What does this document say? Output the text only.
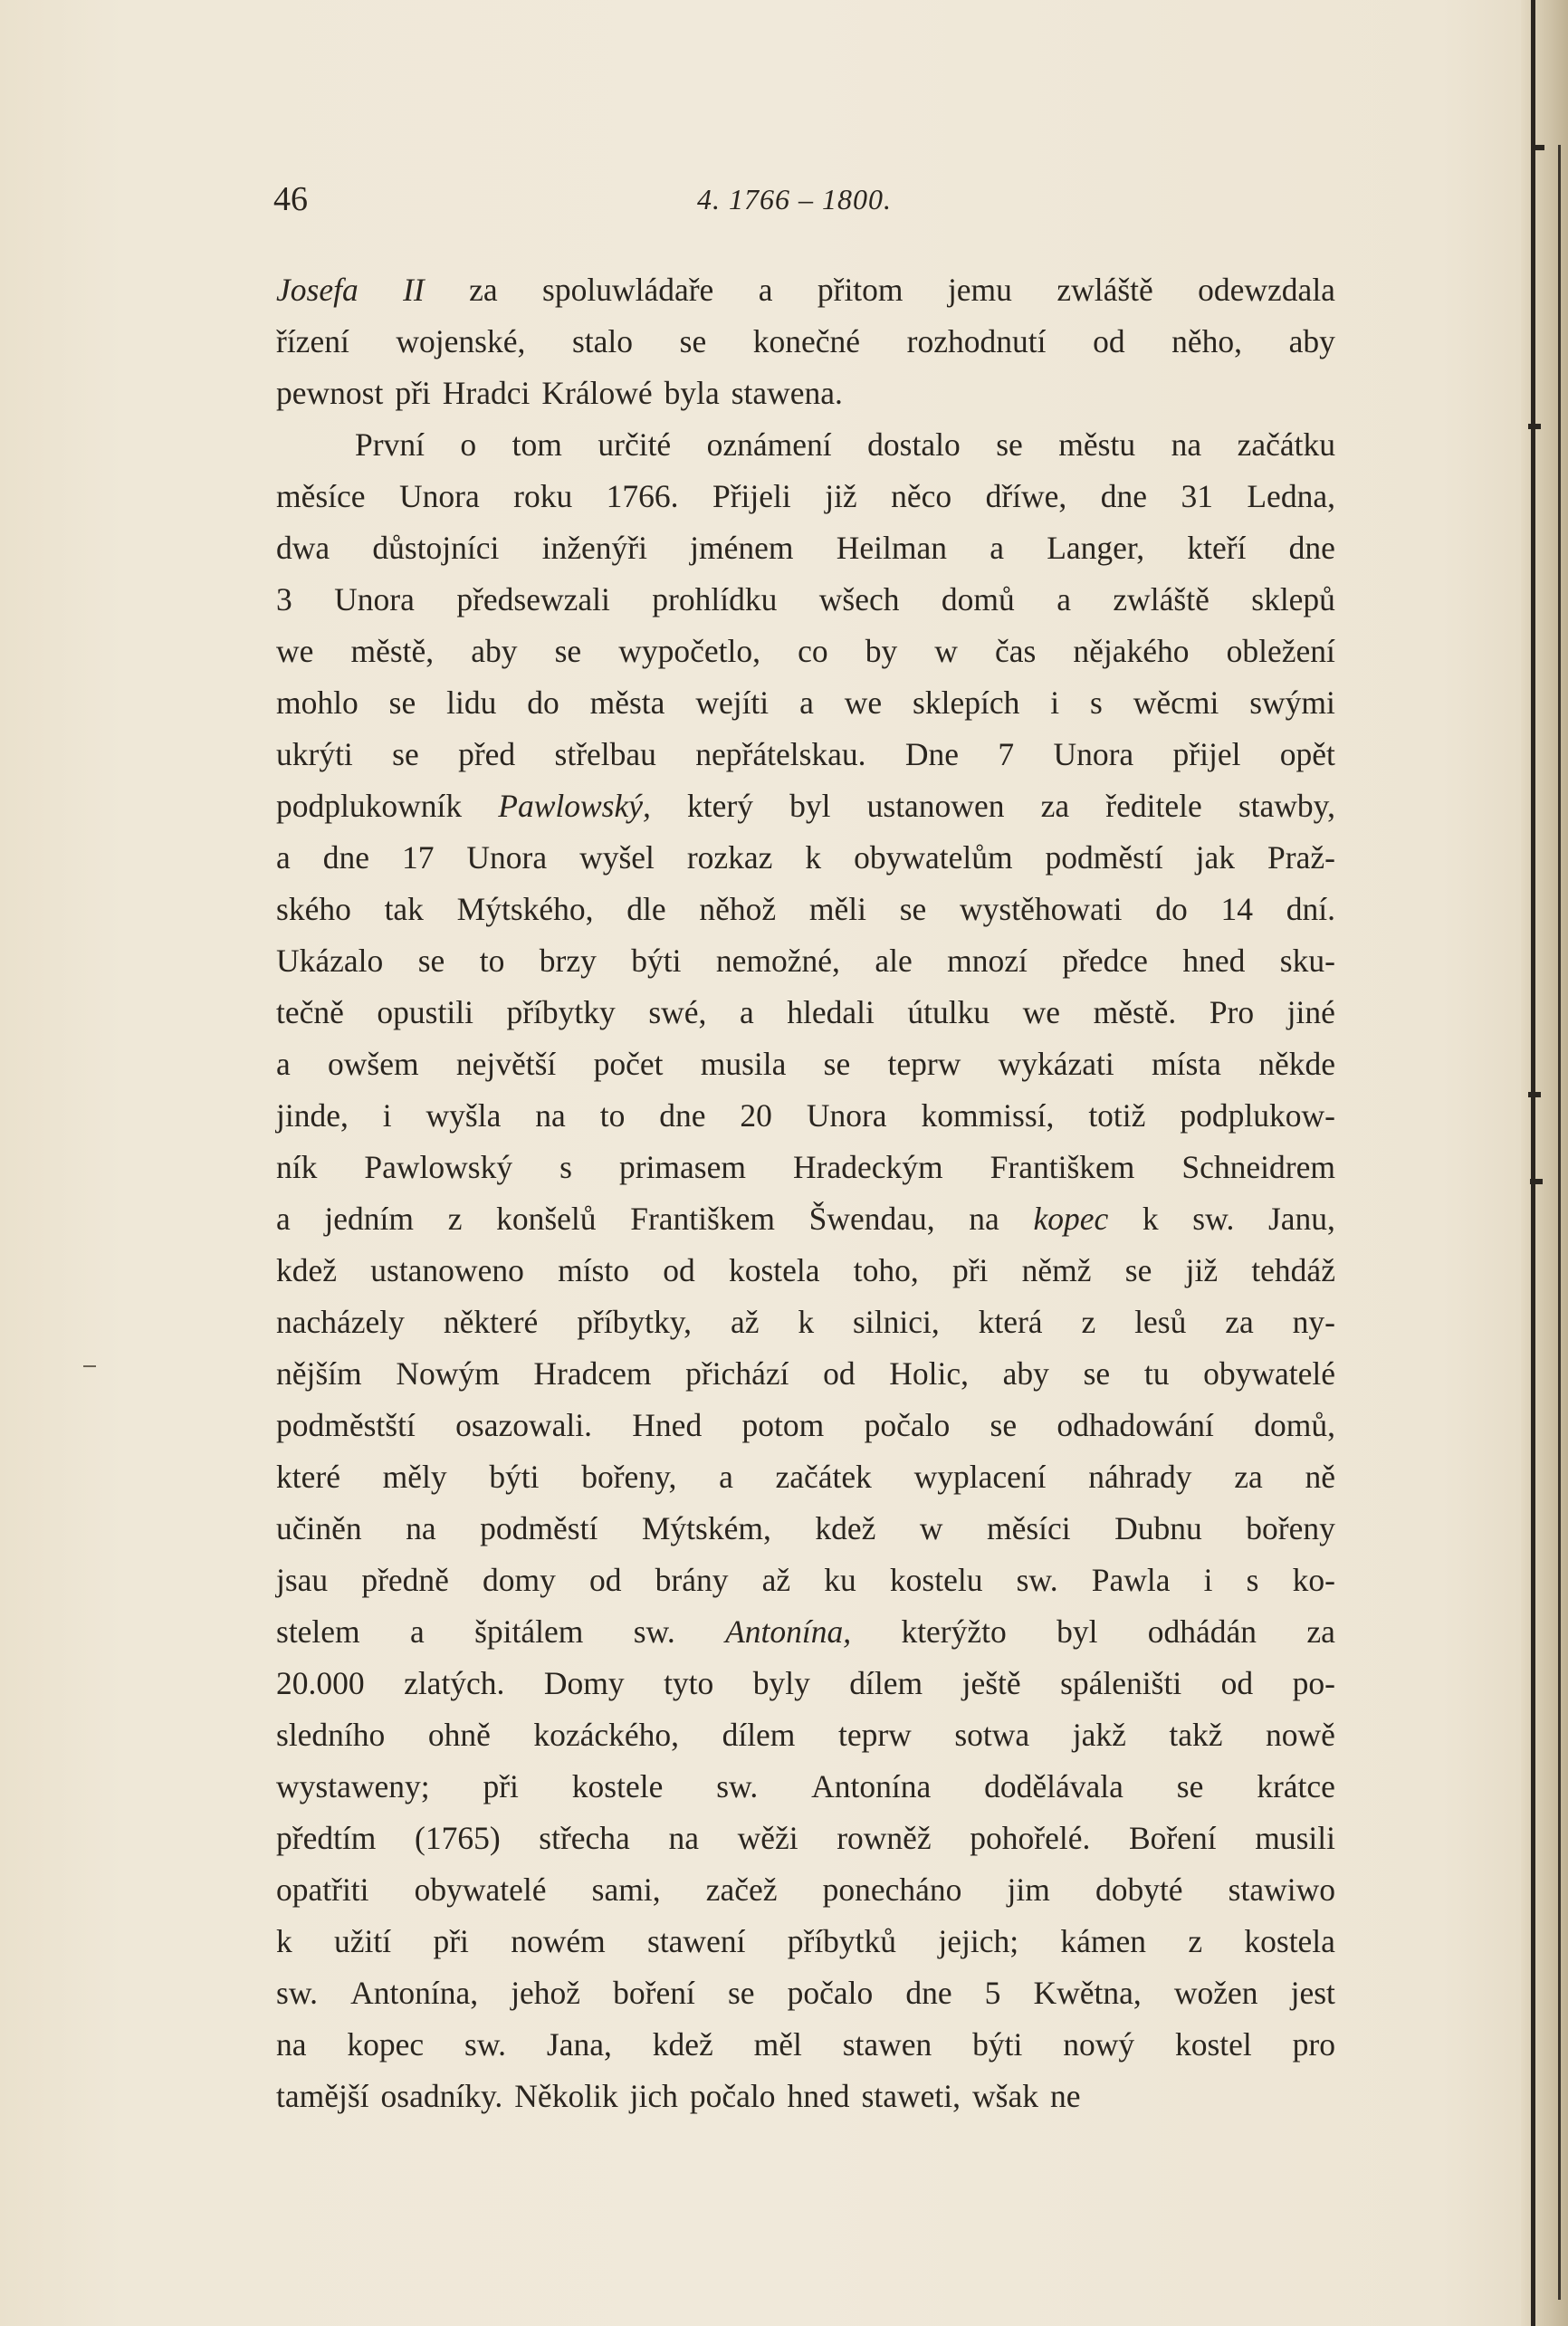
46	4. 1766 – 1800.
Josefa II za spoluwládaře a přitom jemu zwláště odewzdala
řízení wojenské, stalo se konečné rozhodnutí od něho, aby
pewnost při Hradci Králowé byla stawena.
První o tom určité oznámení dostalo se městu na začátku
měsíce Unora roku 1766. Přijeli již něco dříwe, dne 31 Ledna,
dwa důstojníci inženýři jménem Heilman a Langer, kteří dne
3 Unora předsewzali prohlídku wšech domů a zwláště sklepů
we městě, aby se wypočetlo, co by w čas nějakého obležení
mohlo se lidu do města wejíti a we sklepích i s wěcmi swými
ukrýti se před střelbau nepřátelskau. Dne 7 Unora přijel opět
podplukowník Pawlowský, který byl ustanowen za ředitele stawby,
a dne 17 Unora wyšel rozkaz k obywatelům podměstí jak Praž-
ského tak Mýtského, dle něhož měli se wystěhowati do 14 dní.
Ukázalo se to brzy býti nemožné, ale mnozí předce hned sku-
tečně opustili příbytky swé, a hledali útulku we městě. Pro jiné
a owšem největší počet musila se teprw wykázati místa někde
jinde, i wyšla na to dne 20 Unora kommissí, totiž podplukow-
ník Pawlowský s primasem Hradeckým Františkem Schneidrem
a jedním z konšelů Františkem Šwendau, na kopec k sw. Janu,
kdež ustanoweno místo od kostela toho, při němž se již tehdáž
nacházely některé příbytky, až k silnici, která z lesů za ny-
nějším Nowým Hradcem přichází od Holic, aby se tu obywatelé
podměstští osazowali. Hned potom počalo se odhadowání domů,
které měly býti bořeny, a začátek wyplacení náhrady za ně
učiněn na podměstí Mýtském, kdež w měsíci Dubnu bořeny
jsau předně domy od brány až ku kostelu sw. Pawla i s ko-
stelem a špitálem sw. Antonína, kterýžto byl odhádán za
20.000 zlatých. Domy tyto byly dílem ještě spáleništi od po-
sledního ohně kozáckého, dílem teprw sotwa jakž takž nowě
wystaweny; při kostele sw. Antonína dodělávala se krátce
předtím (1765) střecha na wěži rowněž pohořelé. Boření musili
opatřiti obywatelé sami, začež ponecháno jim dobyté stawiwo
k užití při nowém stawení příbytků jejich; kámen z kostela
sw. Antonína, jehož boření se počalo dne 5 Kwětna, wožen jest
na kopec sw. Jana, kdež měl stawen býti nowý kostel pro
tamější osadníky. Několik jich počalo hned staweti, wšak ne
